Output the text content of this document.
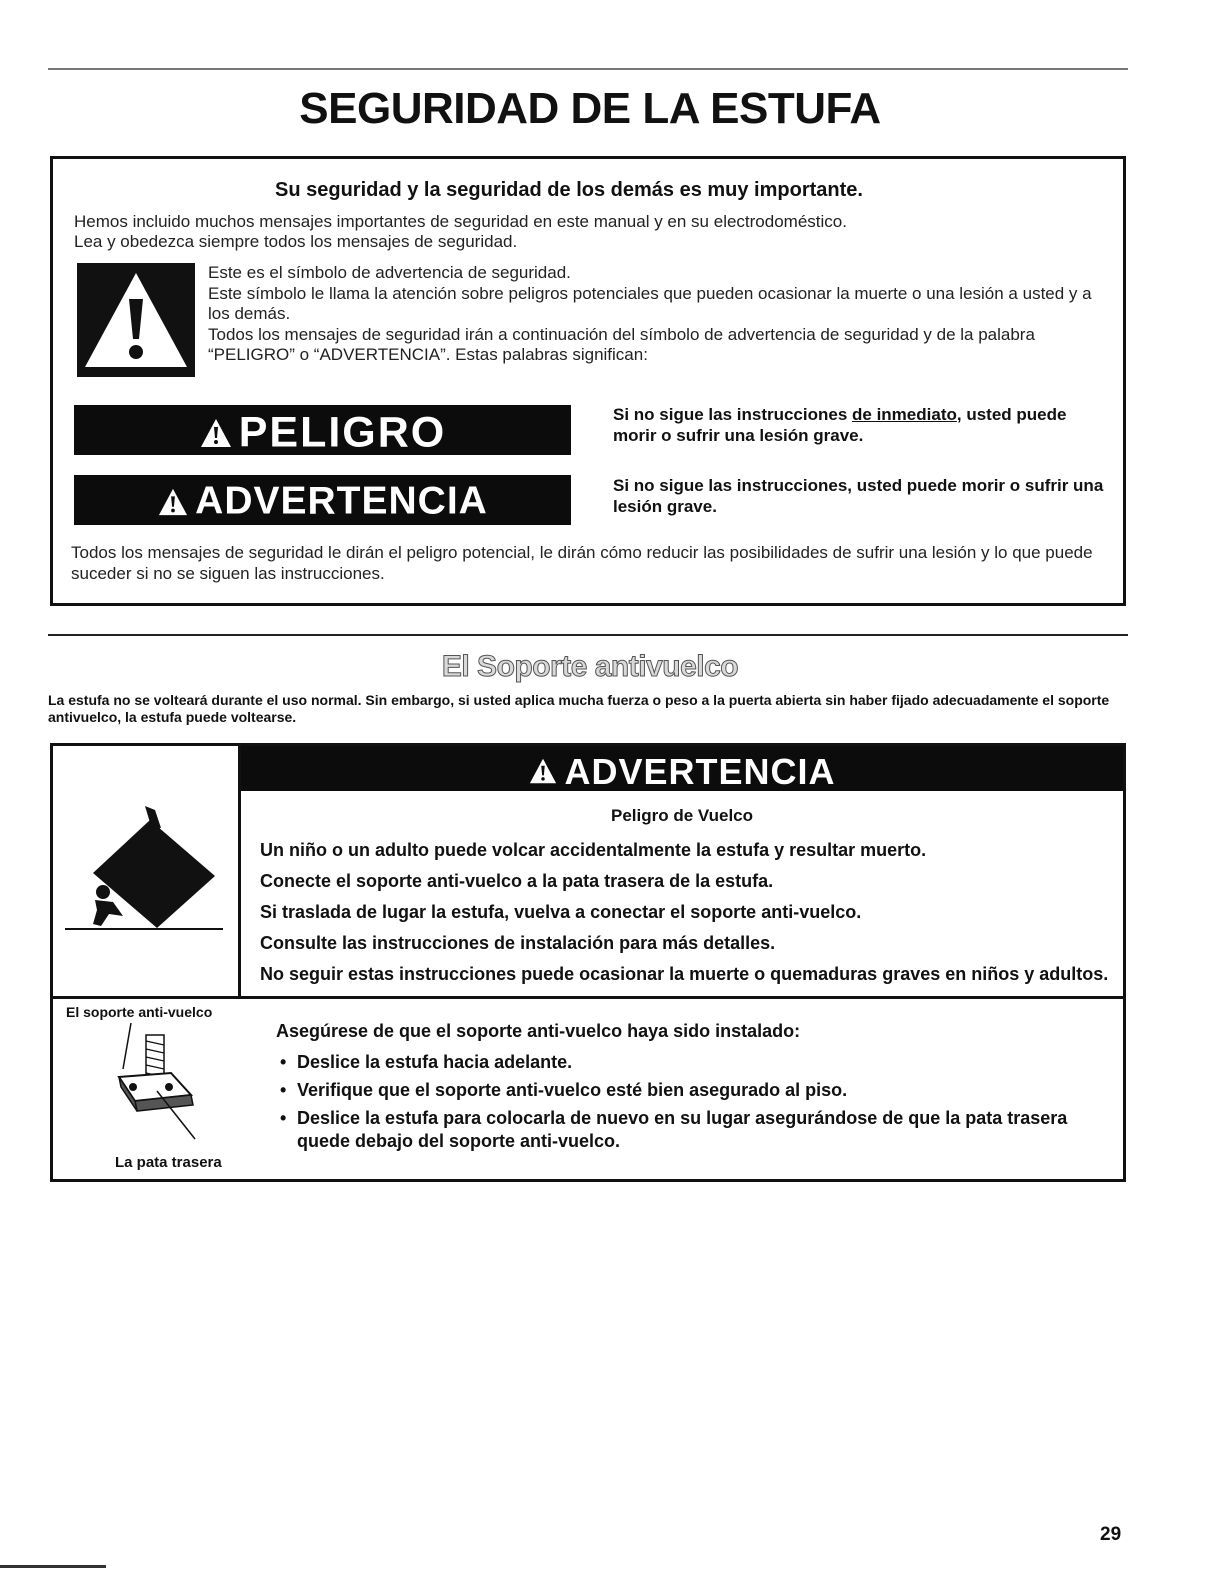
SEGURIDAD DE LA ESTUFA
Su seguridad y la seguridad de los demás es muy importante.
Hemos incluido muchos mensajes importantes de seguridad en este manual y en su electrodoméstico.
Lea y obedezca siempre todos los mensajes de seguridad.
Este es el símbolo de advertencia de seguridad.
Este símbolo le llama la atención sobre peligros potenciales que pueden ocasionar la muerte o una lesión a usted y a los demás.
Todos los mensajes de seguridad irán a continuación del símbolo de advertencia de seguridad y de la palabra “PELIGRO” o “ADVERTENCIA”. Estas palabras significan:
PELIGRO	Si no sigue las instrucciones de inmediato, usted puede morir o sufrir una lesión grave.
ADVERTENCIA	Si no sigue las instrucciones, usted puede morir o sufrir una lesión grave.
Todos los mensajes de seguridad le dirán el peligro potencial, le dirán cómo reducir las posibilidades de sufrir una lesión y lo que puede suceder si no se siguen las instrucciones.
El Soporte antivuelco

La estufa no se volteará durante el uso normal. Sin embargo, si usted aplica mucha fuerza o peso a la puerta abierta sin haber fijado adecuadamente el soporte antivuelco, la estufa puede voltearse.

ADVERTENCIA
Peligro de Vuelco
Un niño o un adulto puede volcar accidentalmente la estufa y resultar muerto.
Conecte el soporte anti-vuelco a la pata trasera de la estufa.
Si traslada de lugar la estufa, vuelva a conectar el soporte anti-vuelco.
Consulte las instrucciones de instalación para más detalles.
No seguir estas instrucciones puede ocasionar la muerte o quemaduras graves en niños y adultos.
El soporte anti-vuelco
La pata trasera
Asegúrese de que el soporte anti-vuelco haya sido instalado:
• Deslice la estufa hacia adelante.
• Verifique que el soporte anti-vuelco esté bien asegurado al piso.
• Deslice la estufa para colocarla de nuevo en su lugar asegurándose de que la pata trasera quede debajo del soporte anti-vuelco.
29
